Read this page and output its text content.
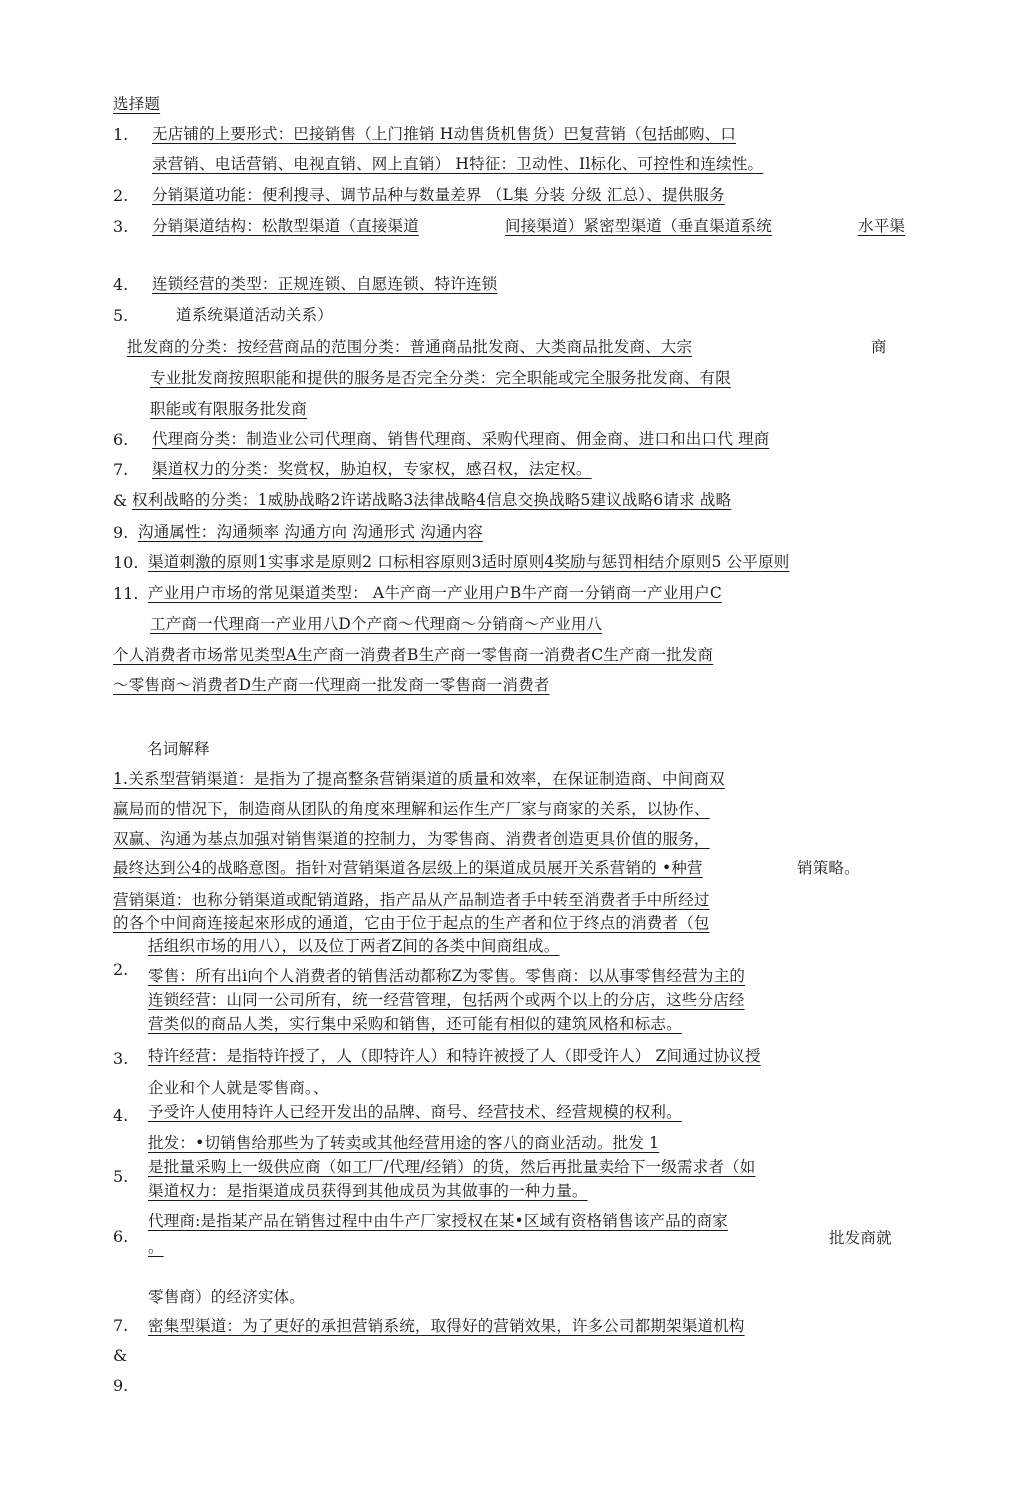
选择题
1. 无店铺的上要形式：巴接销售（上门推销 H动售货机售货）巴复营销（包括邮购、口
录营销、电话营销、电视直销、网上直销） H特征：卫动性、Il标化、可控性和连续性。
2. 分销渠道功能：便利搜寻、调节品种与数量差界 （L集 分装 分级 汇总）、提供服务
3. 分销渠道结构：松散型渠道（直接渠道	间接渠道）紧密型渠道（垂直渠道系统	水平渠
4. 连锁经营的类型：正规连锁、自愿连锁、特许连锁
5.	道系统渠道活动关系）
批发商的分类：按经营商品的范围分类：普通商品批发商、大类商品批发商、大宗	商
专业批发商按照职能和提供的服务是否完全分类：完全职能或完全服务批发商、有限
职能或有限服务批发商
6. 代理商分类：制造业公司代理商、销售代理商、采购代理商、佣金商、进口和出口代 理商
7. 渠道权力的分类：奖赏权，胁迫权，专家权，感召权，法定权。
& 权利战略的分类：1威胁战略2许诺战略3法律战略4信息交换战略5建议战略6请求 战略
9. 沟通属性：沟通频率 沟通方向 沟通形式 沟通内容
10. 渠道刺激的原则1实事求是原则2 口标相容原则3适时原则4奖励与惩罚相结介原则5 公平原则
11. 产业用户市场的常见渠道类型： A牛产商一产业用户B牛产商一分销商一产业用户C
工产商一代理商一产业用八D个产商～代理商～分销商～产业用八
个人消费者市场常见类型A生产商一消费者B生产商一零售商一消费者C生产商一批发商
～零售商～消费者D生产商一代理商一批发商一零售商一消费者
名词解释
1.关系型营销渠道：是指为了提高整条营销渠道的质量和效率，在保证制造商、中间商双
赢局而的惜况下，制造商从团队的角度來理解和运作生产厂家与商家的关系，以协作、
双赢、沟通为基点加强对销售渠道的控制力，为零售商、消费者创造更具价值的服务，
最终达到公4的战略意图。指针对营销渠道各层级上的渠道成员展开关系营销的 •种营	销策略。
营销渠道：也称分销渠道或配销道路，指产品从产品制造者手中转至消费者手中所经过
的各个中间商连接起來形成的通道，它由于位于起点的生产者和位于终点的消费者（包
括组织市场的用八），以及位丁两者Z间的各类中间商组成。
2. 零售：所有出i向个人消费者的销售活动都称Z为零售。零售商：以从事零售经营为主的
连锁经营：山同一公司所有，统一经营管理，包括两个或两个以上的分店，这些分店经
营类似的商品人类，实行集中采购和销售，还可能有相似的建筑风格和标志。
3. 特许经营：是指特许授了，人（即特许人）和特许被授了人（即受许人） Z间通过协议授
企业和个人就是零售商。、
4. 予受许人使用特许人已经开发出的品牌、商号、经营技术、经营规模的权利。
批发：•切销售给那些为了转卖或其他经营用途的客八的商业活动。批发 1
5. 是批量采购上一级供应商（如工厂/代理/经销）的货，然后再批量卖给下一级需求者（如
渠道权力：是指渠道成员获得到其他成员为其做事的一种力量。
代理商:是指某产品在销售过程中由牛产厂家授权在某•区域有资格销售该产品的商家
6.
。	批发商就
零售商）的经济实体。
7. 密集型渠道：为了更好的承担营销系统，取得好的营销效果，许多公司都期架渠道机构
&
9.
